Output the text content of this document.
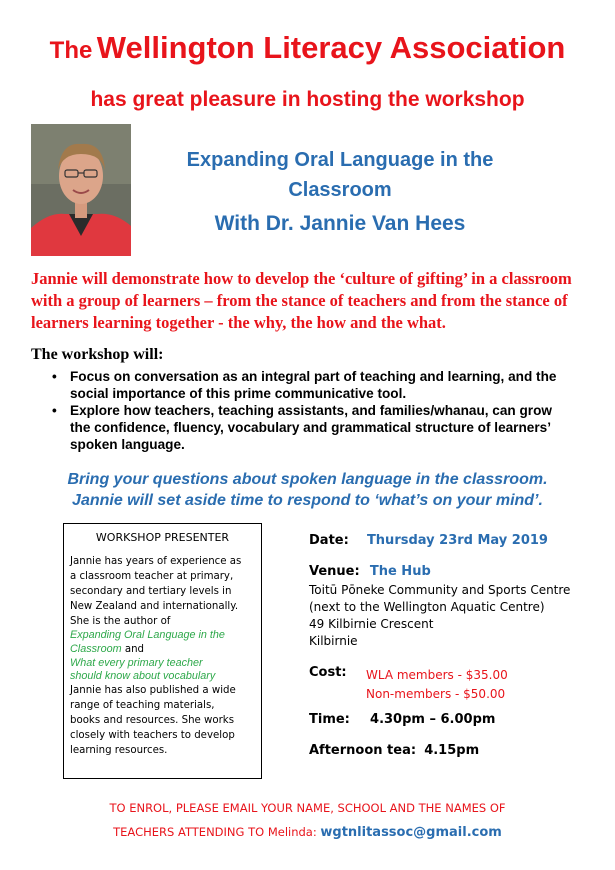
The Wellington Literacy Association
has great pleasure in hosting the workshop
Expanding Oral Language in the
Classroom
With Dr. Jannie Van Hees
Jannie will demonstrate how to develop the ‘culture of gifting’ in a classroom
with a group of learners – from the stance of teachers and from the stance of
learners learning together - the why, the how and the what.
The workshop will:
• Focus on conversation as an integral part of teaching and learning, and the
social importance of this prime communicative tool.
• Explore how teachers, teaching assistants, and families/whanau, can grow
the confidence, fluency, vocabulary and grammatical structure of learners’
spoken language.
Bring your questions about spoken language in the classroom.
Jannie will set aside time to respond to ‘what’s on your mind’.
WORKSHOP PRESENTER
Jannie has years of experience as
a classroom teacher at primary,
secondary and tertiary levels in
New Zealand and internationally.
She is the author of
Expanding Oral Language in the
Classroom and
What every primary teacher
should know about vocabulary
Jannie has also published a wide
range of teaching materials,
books and resources. She works
closely with teachers to develop
learning resources.
Date: Thursday 23rd May 2019
Venue: The Hub
Toitū Pōneke Community and Sports Centre
(next to the Wellington Aquatic Centre)
49 Kilbirnie Crescent
Kilbirnie
Cost: WLA members - $35.00
Non-members - $50.00
Time: 4.30pm – 6.00pm
Afternoon tea: 4.15pm
TO ENROL, PLEASE EMAIL YOUR NAME, SCHOOL AND THE NAMES OF
TEACHERS ATTENDING TO Melinda: wgtnlitassoc@gmail.com
